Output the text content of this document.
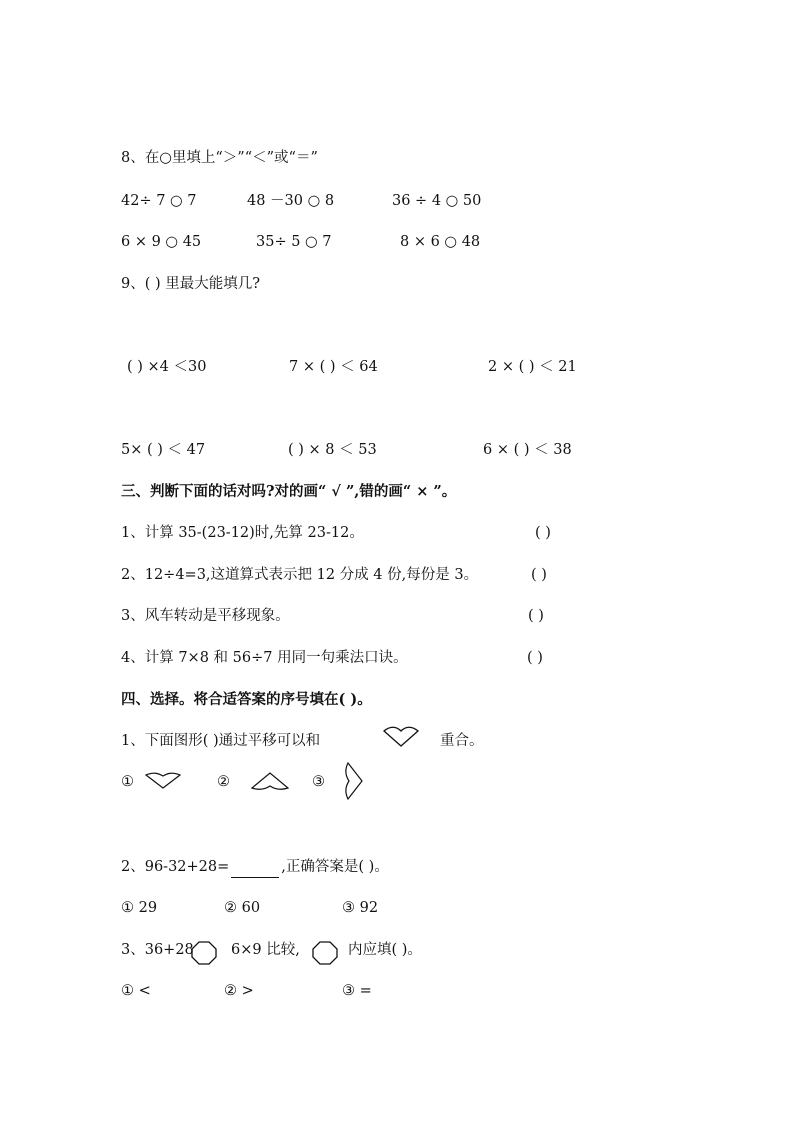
8、在○里填上“＞”“＜”或“＝”
42÷ 7 ○ 7	48 －30 ○ 8	36 ÷ 4 ○ 50
6 × 9 ○ 45	35÷ 5 ○ 7	8 × 6 ○ 48
9、( ) 里最大能填几?
( ) ×4 ＜30	7 × ( ) ＜ 64	2 × ( ) ＜ 21
5× ( ) ＜ 47	( ) × 8 ＜ 53	6 × ( ) ＜ 38
三、判断下面的话对吗?对的画“ √ ”,错的画“ × ”。
1、计算 35-(23-12)时,先算 23-12。	( )
2、12÷4=3,这道算式表示把 12 分成 4 份,每份是 3。	( )
3、风车转动是平移现象。	( )
4、计算 7×8 和 56÷7 用同一句乘法口诀。	( )
四、选择。将合适答案的序号填在( )。
1、下面图形( )通过平移可以和	重合。
①	②	③
2、96-32+28=	,正确答案是( )。
① 29	② 60	③ 92
3、36+28	6×9 比较,	内应填( )。
① <	② >	③ =
